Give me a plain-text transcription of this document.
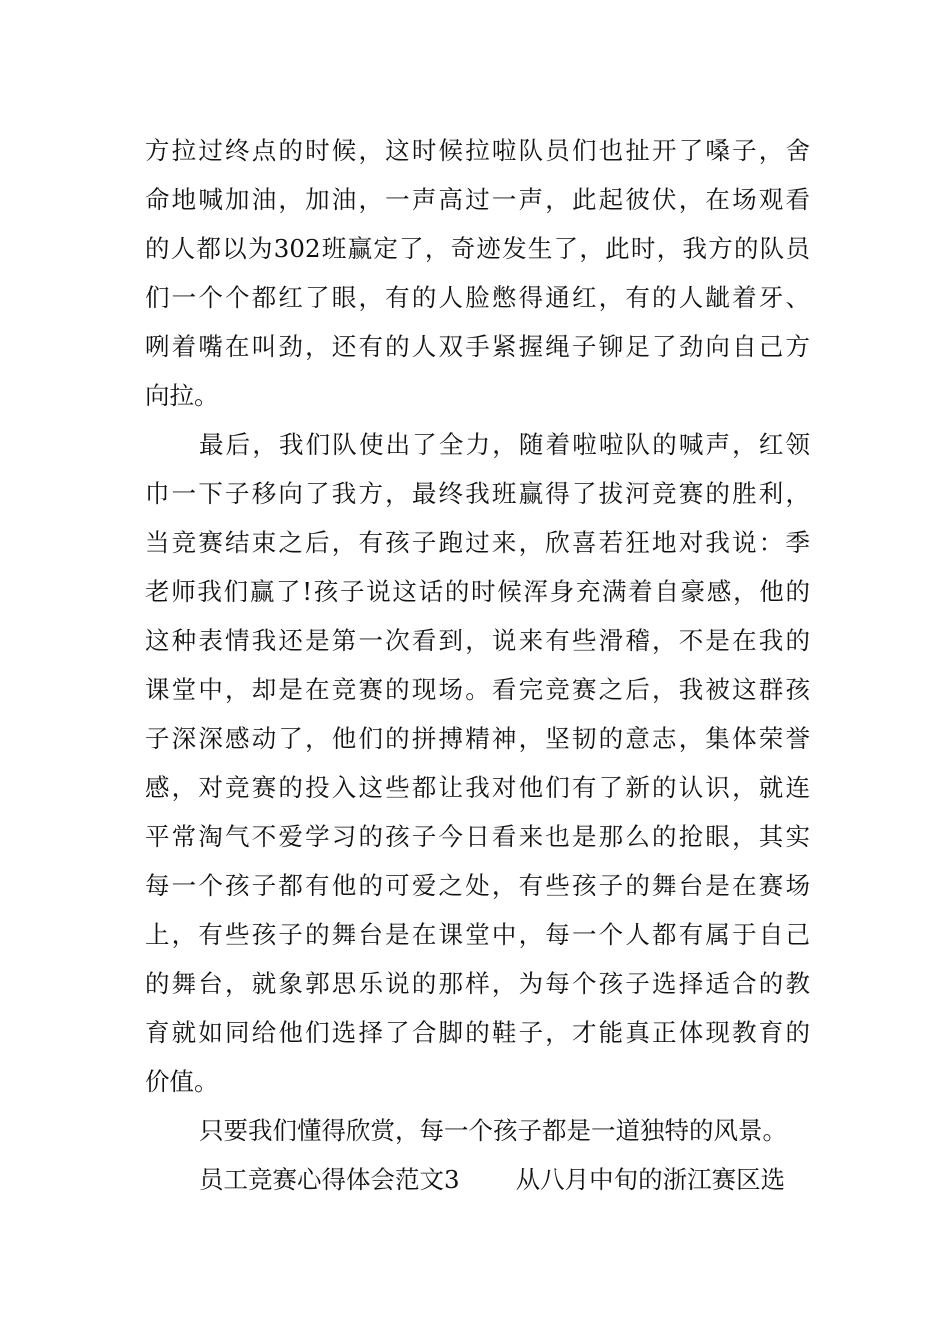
方拉过终点的时候，这时候拉啦队员们也扯开了嗓子，舍
命地喊加油，加油，一声高过一声，此起彼伏，在场观看
的人都以为302班赢定了，奇迹发生了，此时，我方的队员
们一个个都红了眼，有的人脸憋得通红，有的人龇着牙、
咧着嘴在叫劲，还有的人双手紧握绳子铆足了劲向自己方
向拉。
最后，我们队使出了全力，随着啦啦队的喊声，红领
巾一下子移向了我方，最终我班赢得了拔河竞赛的胜利，
当竞赛结束之后，有孩子跑过来，欣喜若狂地对我说：季
老师我们赢了!孩子说这话的时候浑身充满着自豪感，他的
这种表情我还是第一次看到，说来有些滑稽，不是在我的
课堂中，却是在竞赛的现场。看完竞赛之后，我被这群孩
子深深感动了，他们的拼搏精神，坚韧的意志，集体荣誉
感，对竞赛的投入这些都让我对他们有了新的认识，就连
平常淘气不爱学习的孩子今日看来也是那么的抢眼，其实
每一个孩子都有他的可爱之处，有些孩子的舞台是在赛场
上，有些孩子的舞台是在课堂中，每一个人都有属于自己
的舞台，就象郭思乐说的那样，为每个孩子选择适合的教
育就如同给他们选择了合脚的鞋子，才能真正体现教育的
价值。
只要我们懂得欣赏，每一个孩子都是一道独特的风景。
员工竞赛心得体会范文3 从八月中旬的浙江赛区选
